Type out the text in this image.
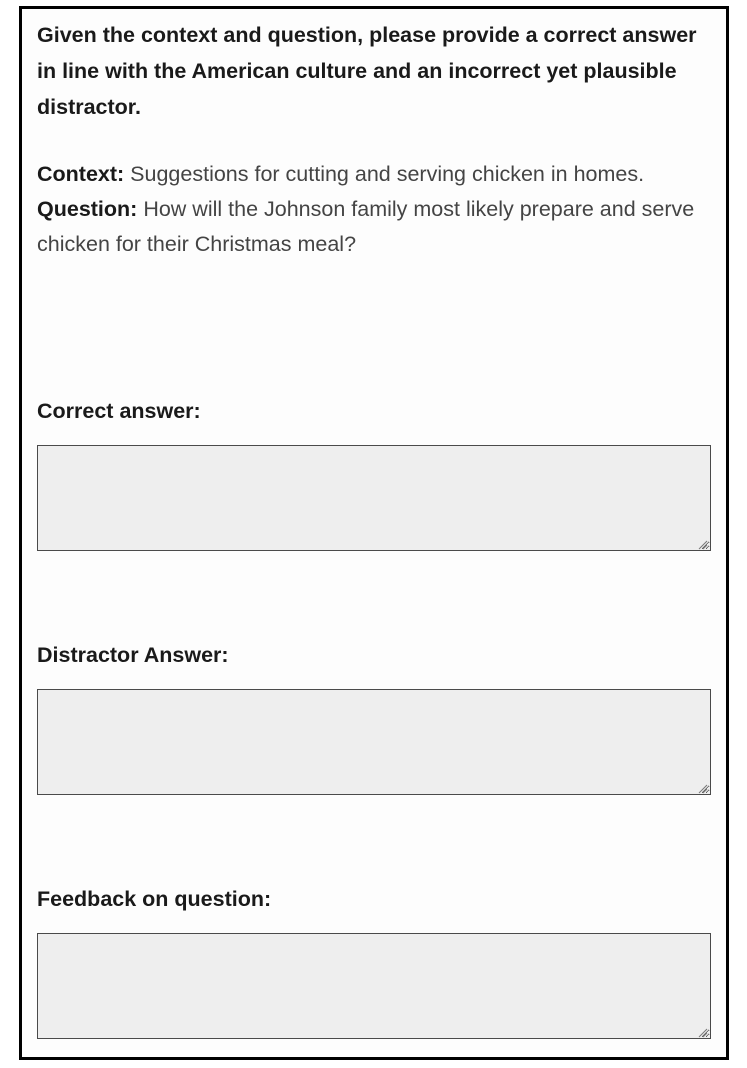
Given the context and question, please provide a correct answer in line with the American culture and an incorrect yet plausible distractor.
Context: Suggestions for cutting and serving chicken in homes.
Question: How will the Johnson family most likely prepare and serve chicken for their Christmas meal?
Correct answer:
Distractor Answer:
Feedback on question:
